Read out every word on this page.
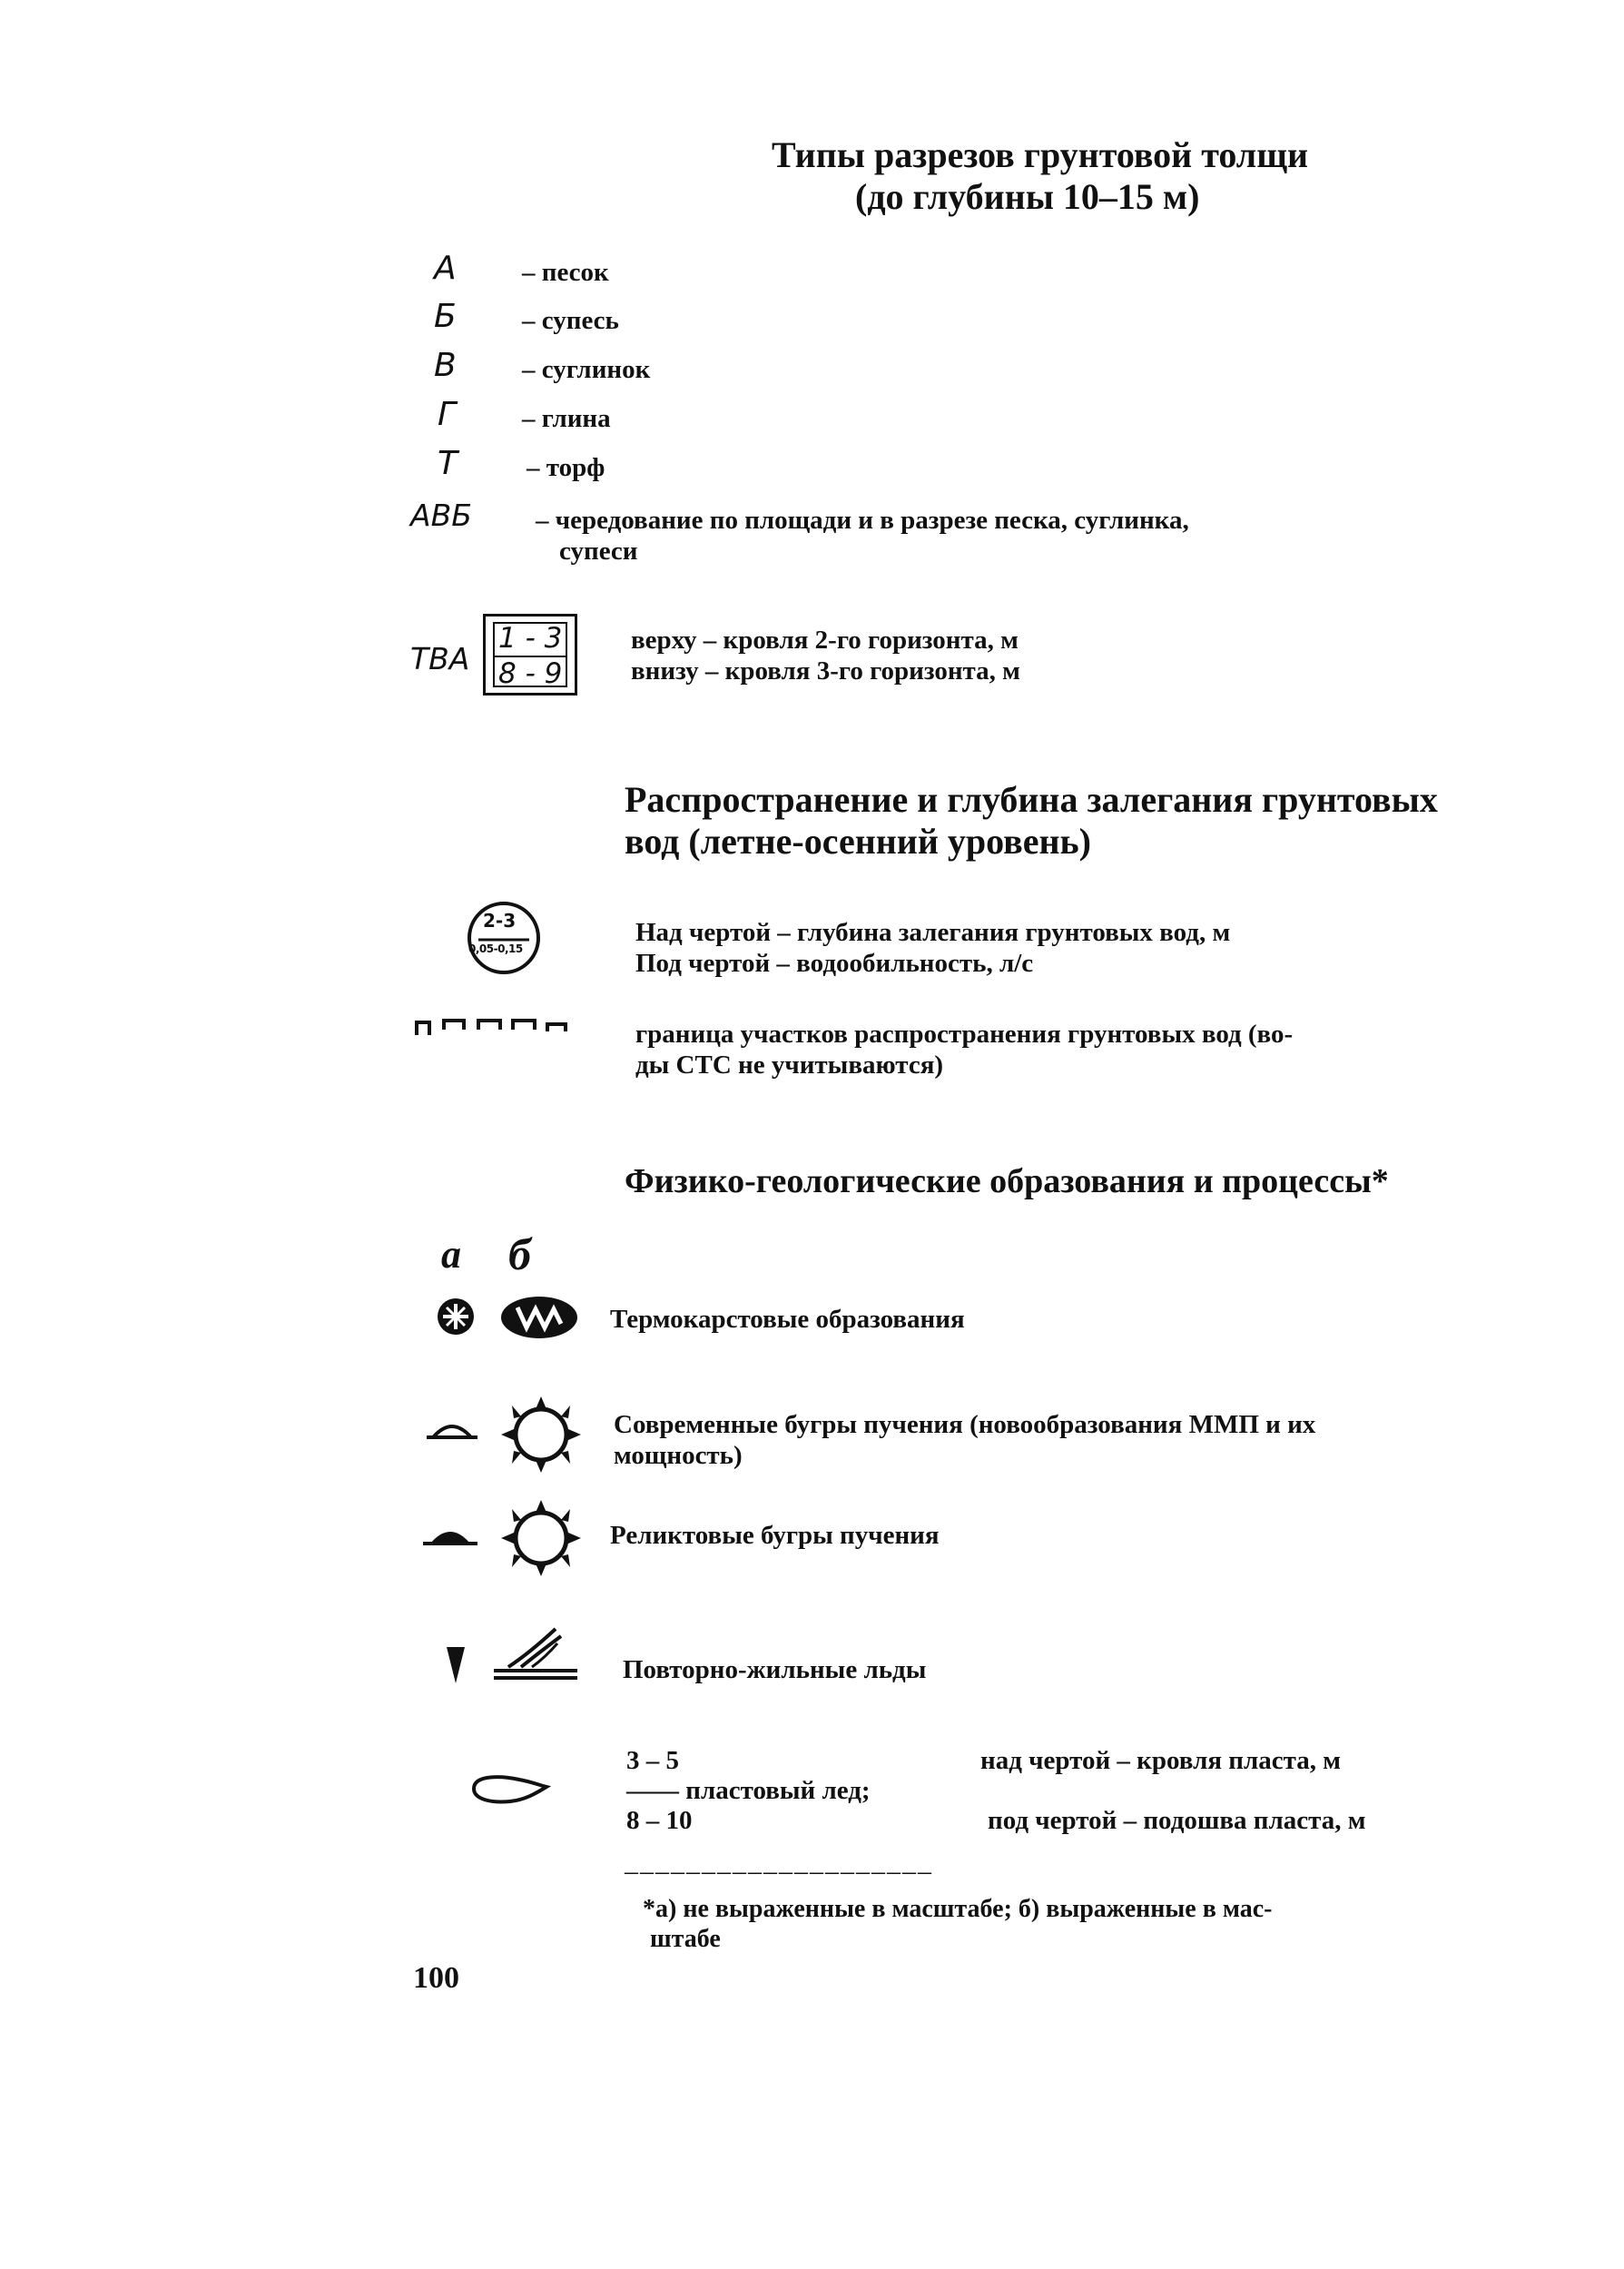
Типы разрезов грунтовой толщи
(до глубины 10–15 м)
А – песок
Б – супесь
В – суглинок
Г	– глина
Т	– торф
АВБ – чередование по площади и в разрезе песка, суглинка,
супеси
ТВА
1 - 3
8 - 9
верху – кровля 2-го горизонта, м
внизу – кровля 3-го горизонта, м
Распространение и глубина залегания грунтовых
вод (летне-осенний уровень)
2-3
0,05-0,15
Над чертой – глубина залегания грунтовых вод, м
Под чертой – водообильность, л/с
граница участков распространения грунтовых вод (во-
ды СТС не учитываются)
Физико-геологические образования и процессы*
а б
Термокарстовые образования
Современные бугры пучения (новообразования ММП и их
мощность)
Реликтовые бугры пучения
Повторно-жильные льды
3 – 5
–––– пластовый лед;
8 – 10
над чертой – кровля пласта, м
под чертой – подошва пласта, м
––––––––––––––––––––
*а) не выраженные в масштабе; б) выраженные в мас-
штабе
100
